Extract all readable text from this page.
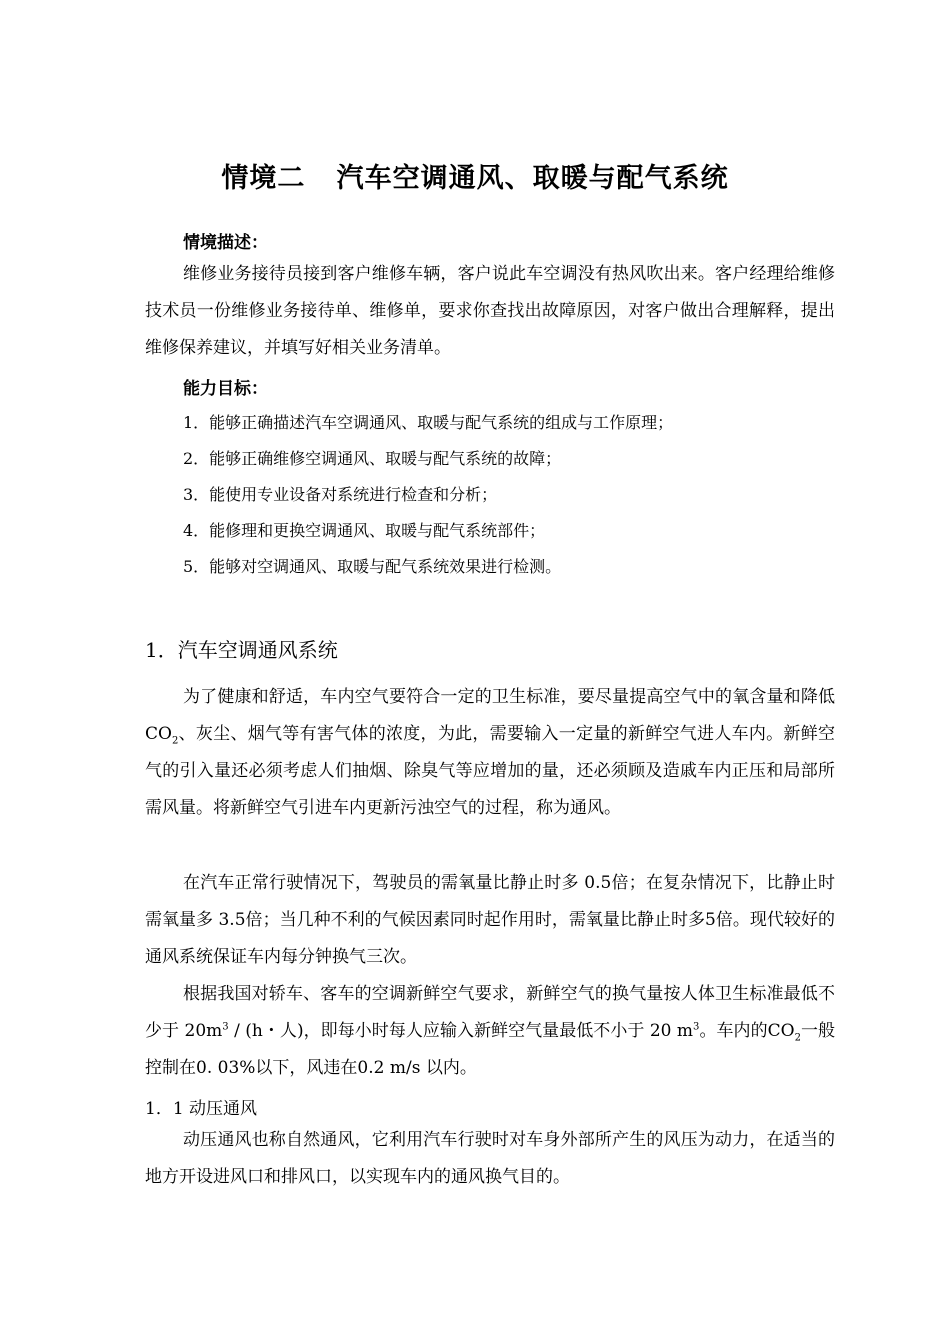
情境二   汽车空调通风、取暖与配气系统
情境描述：

维修业务接待员接到客户维修车辆，客户说此车空调没有热风吹出来。客户经理给维修技术员一份维修业务接待单、维修单，要求你查找出故障原因，对客户做出合理解释，提出维修保养建议，并填写好相关业务清单。

能力目标：
1．能够正确描述汽车空调通风、取暖与配气系统的组成与工作原理；
2．能够正确维修空调通风、取暖与配气系统的故障；
3．能使用专业设备对系统进行检查和分析；
4．能修理和更换空调通风、取暖与配气系统部件；
5．能够对空调通风、取暖与配气系统效果进行检测。
1．汽车空调通风系统

为了健康和舒适，车内空气要符合一定的卫生标准，要尽量提高空气中的氧含量和降低$CO_2$、灰尘、烟气等有害气体的浓度，为此，需要输入一定量的新鲜空气进人车内。新鲜空气的引入量还必须考虑人们抽烟、除臭气等应增加的量，还必须顾及造戚车内正压和局部所需风量。将新鲜空气引进车内更新污浊空气的过程，称为通风。

在汽车正常行驶情况下，驾驶员的需氧量比静止时多 0.5倍；在复杂情况下，比静止时需氧量多 3.5倍；当几种不利的气候因素同时起作用时，需氧量比静止时多5倍。现代较好的通风系统保证车内每分钟换气三次。

根据我国对轿车、客车的空调新鲜空气要求，新鲜空气的换气量按人体卫生标准最低不少于 $20m^3 / (h$・人)，即每小时每人应输入新鲜空气量最低不小于 20 $m^3$。车内的$CO_2$一般控制在0. 03%以下，风违在0.2 m/s 以内。

1．1 动压通风

动压通风也称自然通风，它利用汽车行驶时对车身外部所产生的风压为动力，在适当的地方开设进风口和排风口，以实现车内的通风换气目的。
